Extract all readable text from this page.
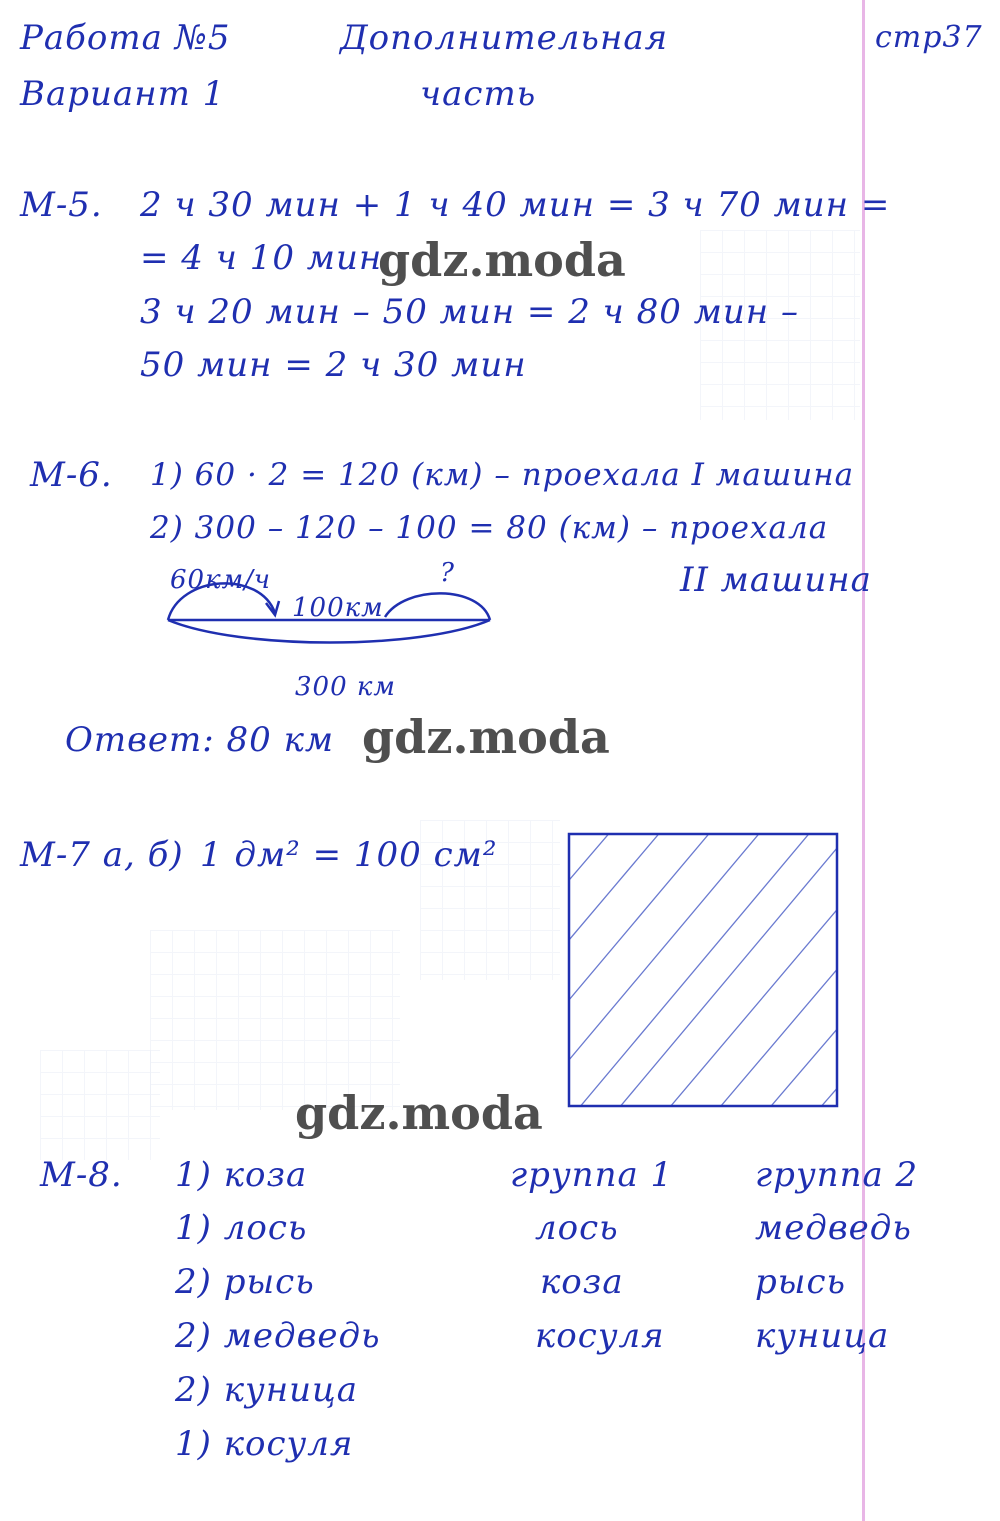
Работа №5
Вариант 1
Дополнительная
часть
стр37
М-5. 2 ч 30 мин + 1 ч 40 мин = 3 ч 70 мин =
= 4 ч 10 мин
3 ч 20 мин – 50 мин = 2 ч 80 мин –
50 мин = 2 ч 30 мин
М-6. 1) 60 · 2 = 120 (км) – проехала I машина
2) 300 – 120 – 100 = 80 (км) – проехала
II машина
60км/ч	?
100км
300 км
Ответ: 80 км
М-7 а, б) 1 дм² = 100 см²
М-8. 1) коза
1) лось
2) рысь
2) медведь
2) куница
1) косуля
группа 1
лось
коза
косуля
группа 2
медведь
рысь
куница
gdz.moda
gdz.moda
gdz.moda
